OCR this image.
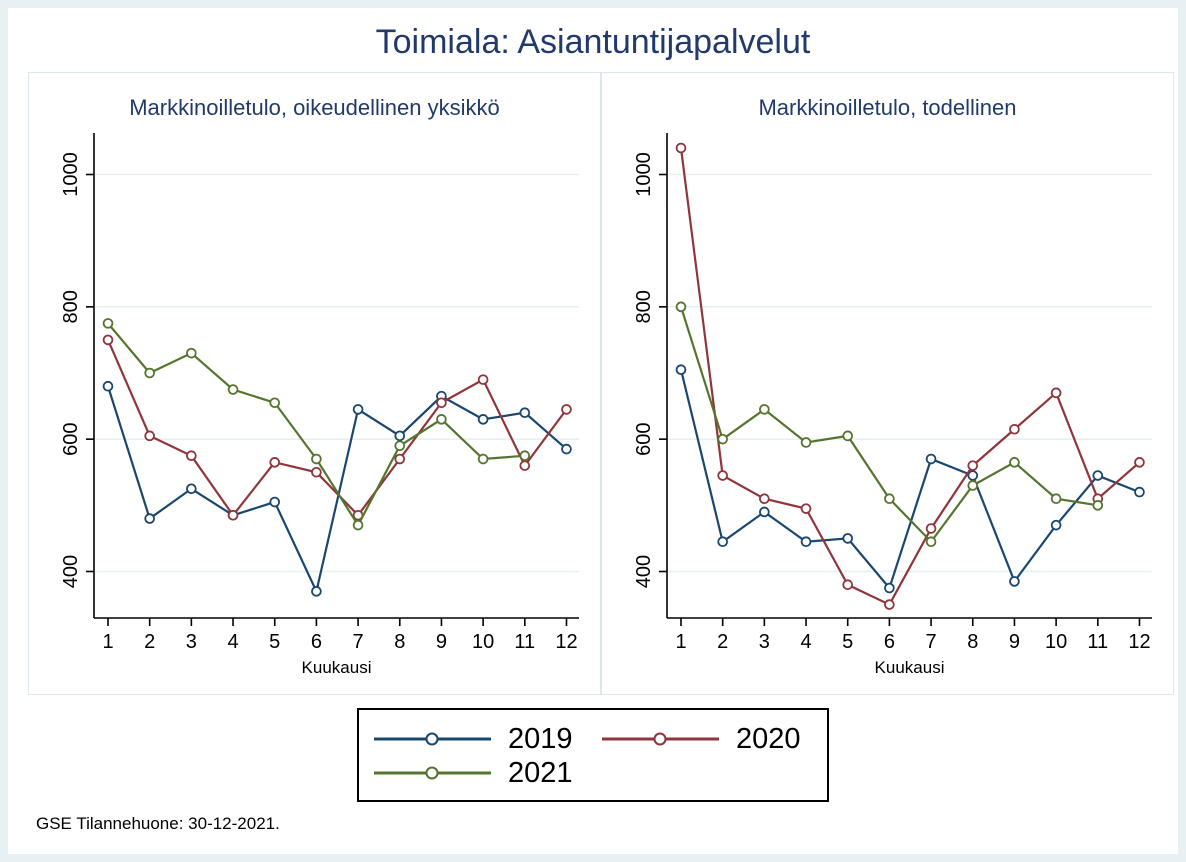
Toimiala: Asiantuntijapalvelut
Markkinoilletulo, oikeudellinen yksikkö
400
600
800
1000
1 2 3 4 5 6 7 8 9 10 11 12
Kuukausi
Markkinoilletulo, todellinen
400
600
800
1000
1 2 3 4 5 6 7 8 9 10 11 12
Kuukausi
2019	2020
2021
GSE Tilannehuone: 30-12-2021.
